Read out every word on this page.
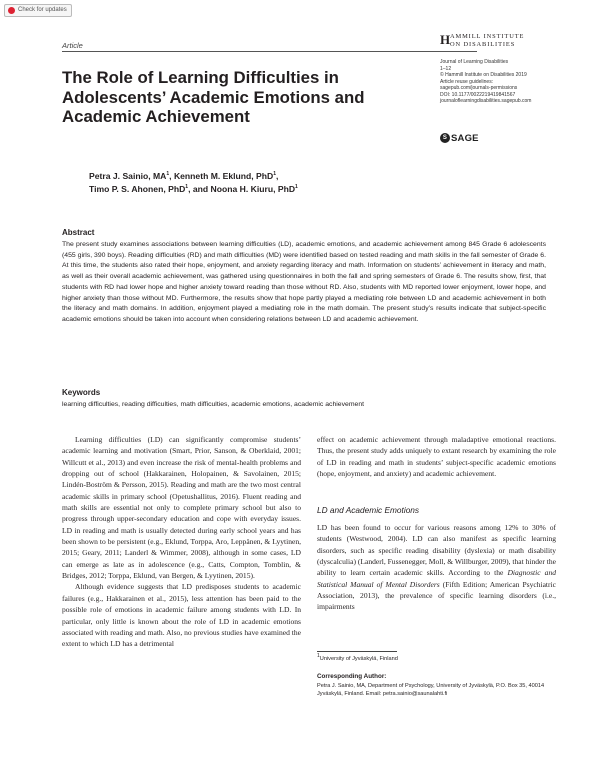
Check for updates
Article
The Role of Learning Difficulties in Adolescents’ Academic Emotions and Academic Achievement
H AMMILL INSTITUTE
ON DISABILITIES
Journal of Learning Disabilities
1–12
© Hammill Institute on Disabilities 2019
Article reuse guidelines:
sagepub.com/journals-permissions
DOI: 10.1177/0022219419841567
journaloflearningdisabilities.sagepub.com
S SAGE
Petra J. Sainio, $MA^1$, Kenneth M. Eklund, PhD$^1$,
Timo P. S. Ahonen, PhD$^1$, and Noona H. Kiuru, PhD$^1$
Abstract
The present study examines associations between learning difficulties (LD), academic emotions, and academic achievement among 845 Grade 6 adolescents (455 girls, 390 boys). Reading difficulties (RD) and math difficulties (MD) were identified based on tested reading and math skills in the fall semester of Grade 6. At this time, the students also rated their hope, enjoyment, and anxiety regarding literacy and math. Information on students’ achievement in literacy and math, as well as their overall academic achievement, was gathered using questionnaires in both the fall and spring semesters of Grade 6. The results show, first, that students with RD had lower hope and higher anxiety toward reading than those without RD. Also, students with MD reported lower enjoyment, lower hope, and higher anxiety than those without MD. Furthermore, the results show that hope partly played a mediating role between LD and academic achievement in both the literacy and math domains. In addition, enjoyment played a mediating role in the math domain. The present study’s results indicate that subject-specific academic emotions should be taken into account when considering relations between LD and academic achievement.
Keywords
learning difficulties, reading difficulties, math difficulties, academic emotions, academic achievement

Learning difficulties (LD) can significantly compromise students’ academic learning and motivation (Smart, Prior, Sanson, & Oberklaid, 2001; Willcutt et al., 2013) and even increase the risk of mental-health problems and dropping out of school (Hakkarainen, Holopainen, & Savolainen, 2015; Lindén-Boström & Persson, 2015). Reading and math are the two most central academic skills in primary school (Opetushallitus, 2016). Fluent reading and math skills are essential not only to complete primary school but also to progress through upper-secondary education and cope with everyday issues. LD in reading and math is usually detected during early school years and has been shown to be persistent (e.g., Eklund, Torppa, Aro, Leppänen, & Lyytinen, 2015; Geary, 2011; Landerl & Wimmer, 2008), although in some cases, LD can emerge as late as in adolescence (e.g., Catts, Compton, Tomblin, & Bridges, 2012; Torppa, Eklund, van Bergen, & Lyytinen, 2015).

Although evidence suggests that LD predisposes students to academic failures (e.g., Hakkarainen et al., 2015), less attention has been paid to the possible role of emotions in academic failure among students with LD. In particular, only little is known about the role of LD in academic emotions associated with reading and math. Also, no previous studies have examined the extent to which LD has a detrimental

effect on academic achievement through maladaptive emotional reactions. Thus, the present study adds uniquely to extant research by examining the role of LD in reading and math in students’ subject-specific academic emotions (hope, enjoyment, and anxiety) and academic achievement.

LD and Academic Emotions

LD has been found to occur for various reasons among 12% to 30% of students (Westwood, 2004). LD can also manifest as specific learning disorders, such as specific reading disability (dyslexia) or math disability (dyscalculia) (Landerl, Fussenegger, Moll, & Willburger, 2009), that hinder the ability to learn certain academic skills. According to the Diagnostic and Statistical Manual of Mental Disorders (Fifth Edition; American Psychiatric Association, 2013), the prevalence of specific learning disorders (i.e., impairments

$^1$University of Jyväskylä, Finland
Corresponding Author:
Petra J. Sainio, MA, Department of Psychology, University of Jyväskylä, P.O. Box 35, 40014 Jyväskylä, Finland. Email: petra.sainio@saunalahti.fi
